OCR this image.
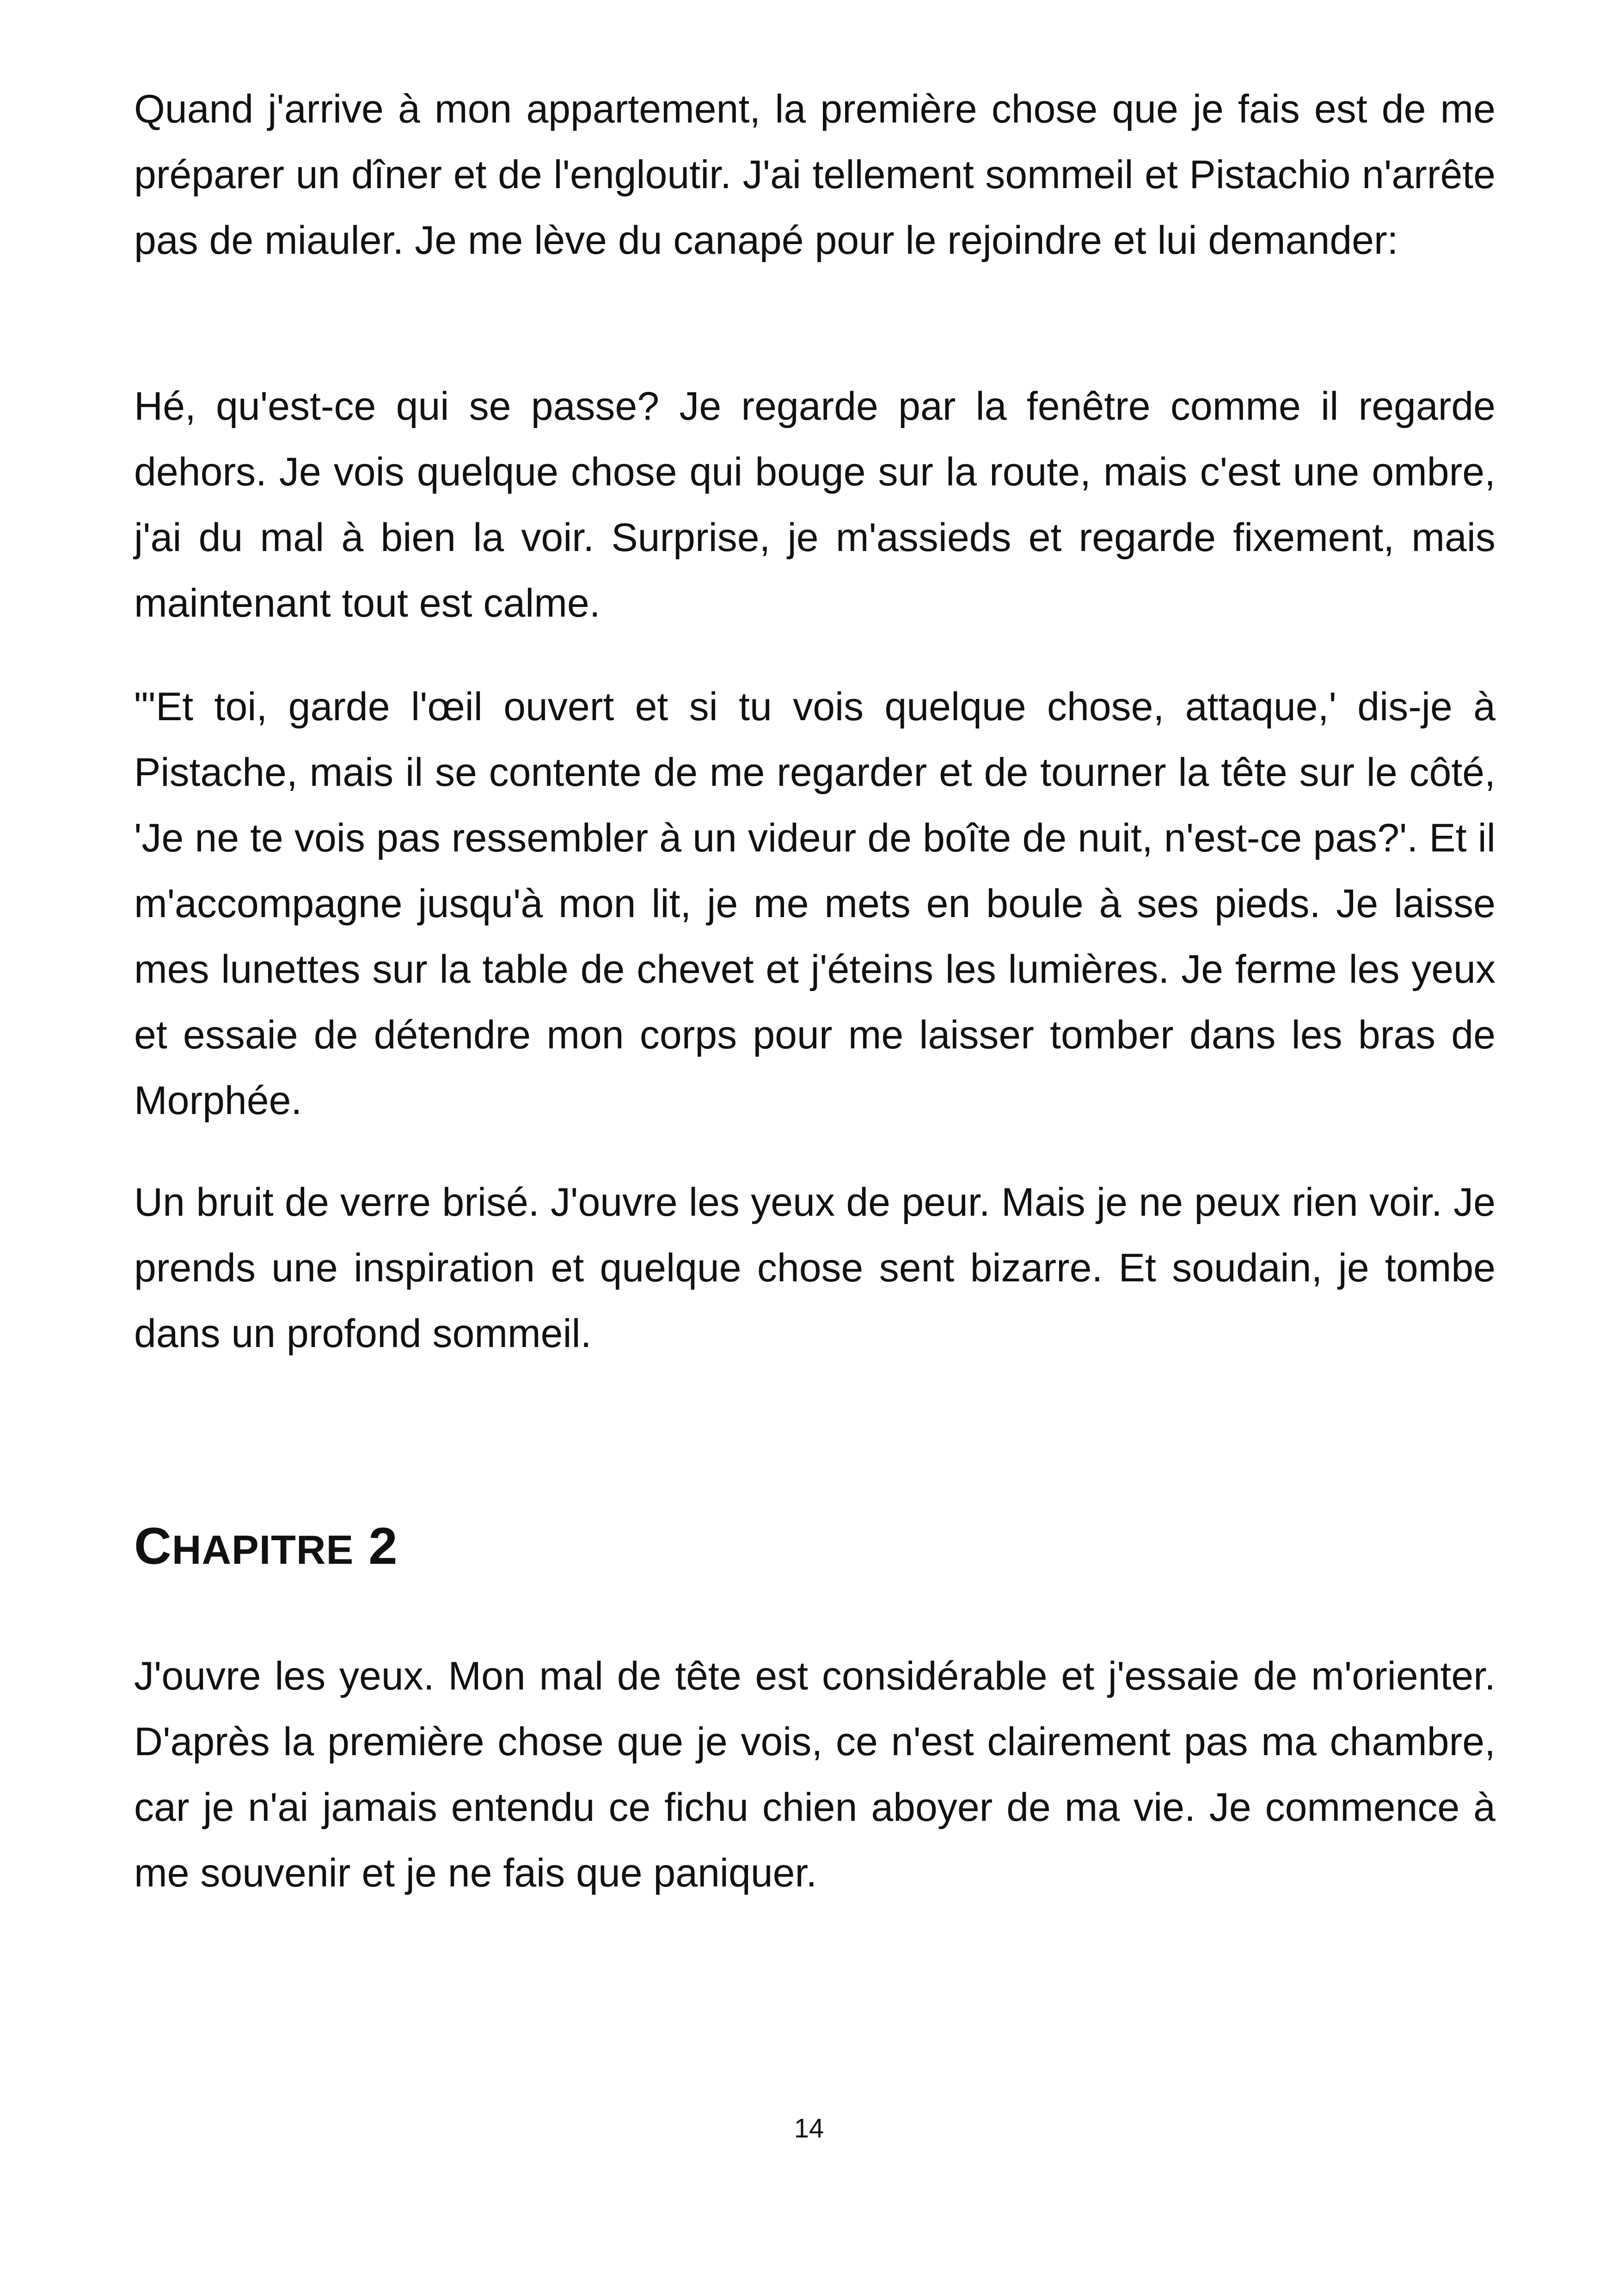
Quand j'arrive à mon appartement, la première chose que je fais est de me préparer un dîner et de l'engloutir. J'ai tellement sommeil et Pistachio n'arrête pas de miauler. Je me lève du canapé pour le rejoindre et lui demander:

Hé, qu'est-ce qui se passe? Je regarde par la fenêtre comme il regarde dehors. Je vois quelque chose qui bouge sur la route, mais c'est une ombre, j'ai du mal à bien la voir. Surprise, je m'assieds et regarde fixement, mais maintenant tout est calme.

"'Et toi, garde l'œil ouvert et si tu vois quelque chose, attaque,' dis-je à Pistache, mais il se contente de me regarder et de tourner la tête sur le côté, 'Je ne te vois pas ressembler à un videur de boîte de nuit, n'est-ce pas?'. Et il m'accompagne jusqu'à mon lit, je me mets en boule à ses pieds. Je laisse mes lunettes sur la table de chevet et j'éteins les lumières. Je ferme les yeux et essaie de détendre mon corps pour me laisser tomber dans les bras de Morphée.

Un bruit de verre brisé. J'ouvre les yeux de peur. Mais je ne peux rien voir. Je prends une inspiration et quelque chose sent bizarre. Et soudain, je tombe dans un profond sommeil.

CHAPITRE 2

J'ouvre les yeux. Mon mal de tête est considérable et j'essaie de m'orienter. D'après la première chose que je vois, ce n'est clairement pas ma chambre, car je n'ai jamais entendu ce fichu chien aboyer de ma vie. Je commence à me souvenir et je ne fais que paniquer.

14
